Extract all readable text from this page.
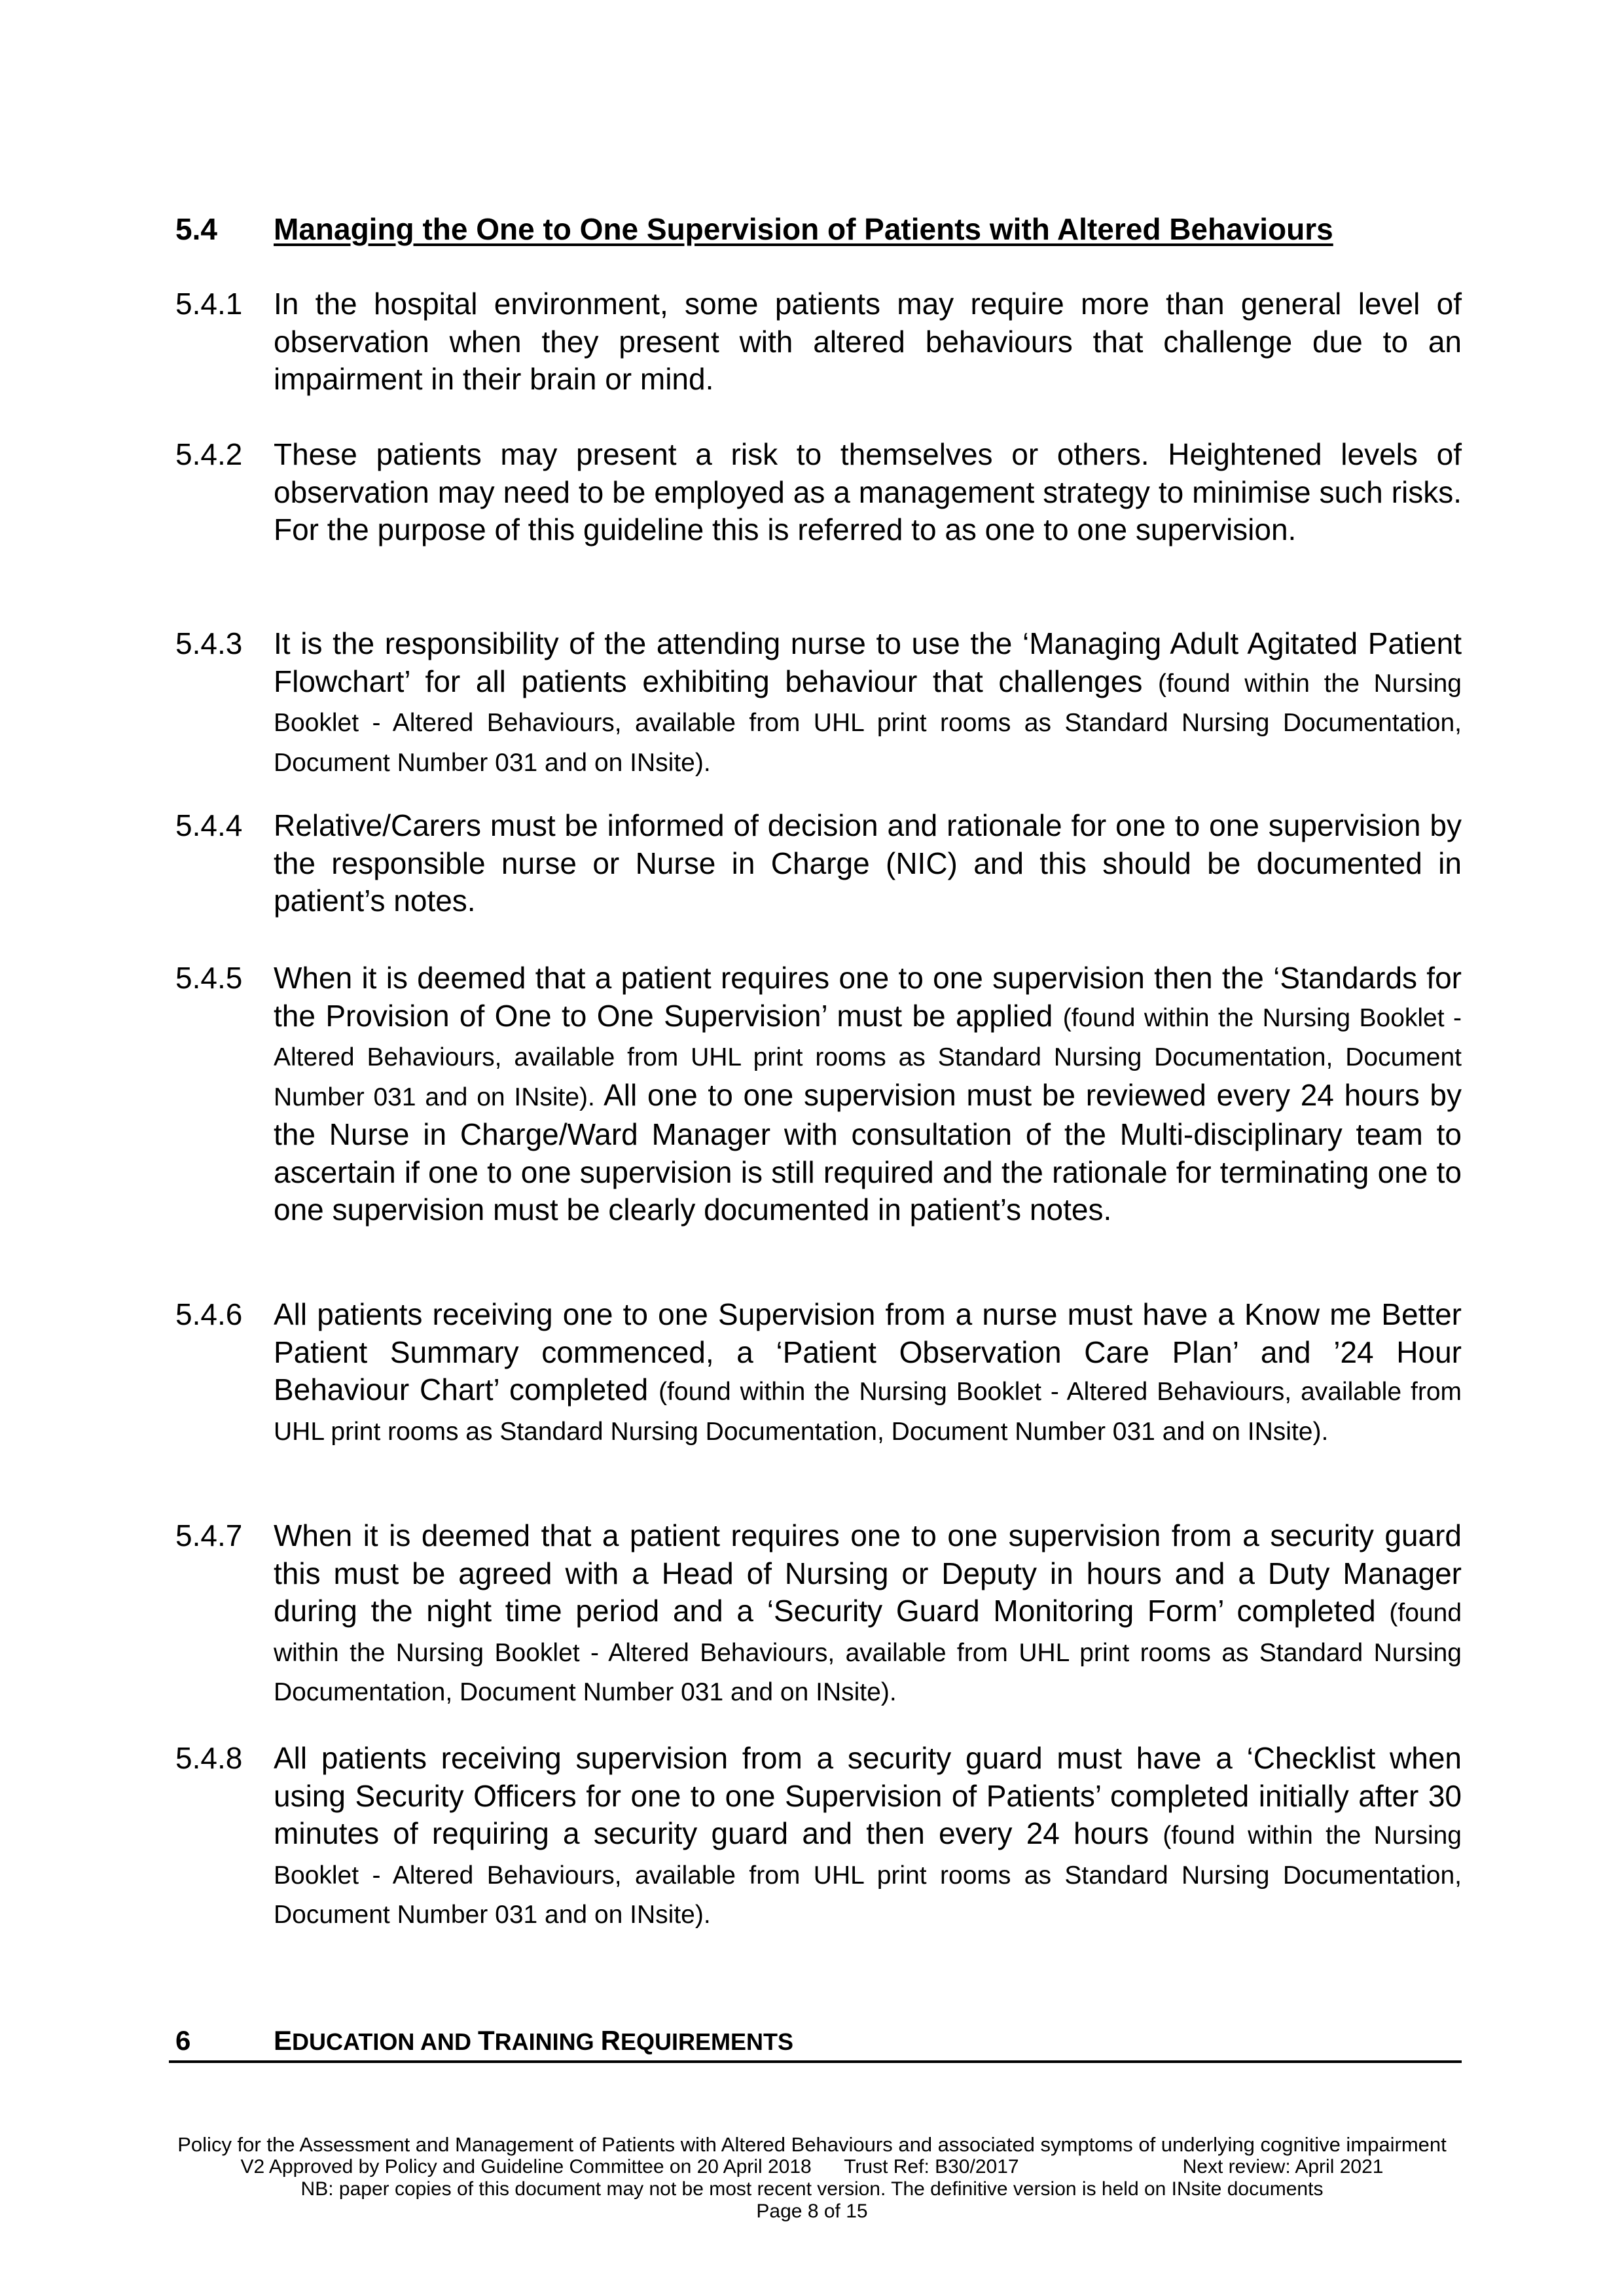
5.4 Managing the One to One Supervision of Patients with Altered Behaviours
5.4.1 In the hospital environment, some patients may require more than general level of observation when they present with altered behaviours that challenge due to an impairment in their brain or mind.
5.4.2 These patients may present a risk to themselves or others. Heightened levels of observation may need to be employed as a management strategy to minimise such risks. For the purpose of this guideline this is referred to as one to one supervision.
5.4.3 It is the responsibility of the attending nurse to use the ‘Managing Adult Agitated Patient Flowchart’ for all patients exhibiting behaviour that challenges (found within the Nursing Booklet - Altered Behaviours, available from UHL print rooms as Standard Nursing Documentation, Document Number 031 and on INsite).
5.4.4 Relative/Carers must be informed of decision and rationale for one to one supervision by the responsible nurse or Nurse in Charge (NIC) and this should be documented in patient’s notes.
5.4.5 When it is deemed that a patient requires one to one supervision then the ‘Standards for the Provision of One to One Supervision’ must be applied (found within the Nursing Booklet - Altered Behaviours, available from UHL print rooms as Standard Nursing Documentation, Document Number 031 and on INsite). All one to one supervision must be reviewed every 24 hours by the Nurse in Charge/Ward Manager with consultation of the Multi-disciplinary team to ascertain if one to one supervision is still required and the rationale for terminating one to one supervision must be clearly documented in patient’s notes.
5.4.6 All patients receiving one to one Supervision from a nurse must have a Know me Better Patient Summary commenced, a ‘Patient Observation Care Plan’ and ’24 Hour Behaviour Chart’ completed (found within the Nursing Booklet - Altered Behaviours, available from UHL print rooms as Standard Nursing Documentation, Document Number 031 and on INsite).
5.4.7 When it is deemed that a patient requires one to one supervision from a security guard this must be agreed with a Head of Nursing or Deputy in hours and a Duty Manager during the night time period and a ‘Security Guard Monitoring Form’ completed (found within the Nursing Booklet - Altered Behaviours, available from UHL print rooms as Standard Nursing Documentation, Document Number 031 and on INsite).
5.4.8 All patients receiving supervision from a security guard must have a ‘Checklist when using Security Officers for one to one Supervision of Patients’ completed initially after 30 minutes of requiring a security guard and then every 24 hours (found within the Nursing Booklet - Altered Behaviours, available from UHL print rooms as Standard Nursing Documentation, Document Number 031 and on INsite).
6	EDUCATION AND TRAINING REQUIREMENTS
Policy for the Assessment and Management of Patients with Altered Behaviours and associated symptoms of underlying cognitive impairment
V2 Approved by Policy and Guideline Committee on 20 April 2018 Trust Ref: B30/2017	Next review: April 2021
NB: paper copies of this document may not be most recent version. The definitive version is held on INsite documents
Page 8 of 15
